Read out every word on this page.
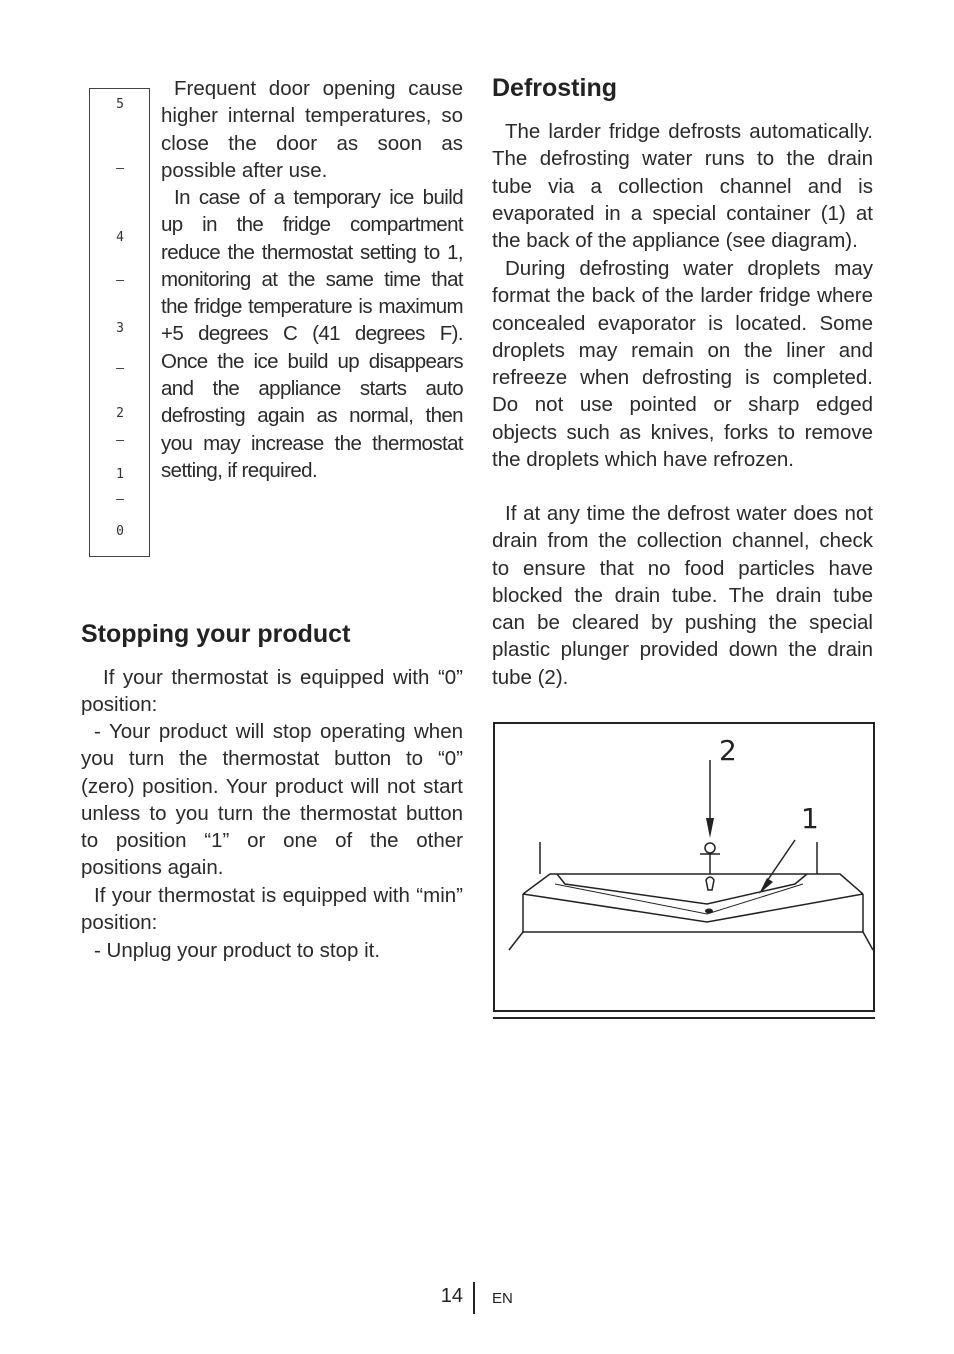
5
–
4
–
3
–
2
–
1
–
0

Frequent door opening cause higher internal temperatures, so close the door as soon as possible after use.

In case of a temporary ice build up in the fridge compartment reduce the thermostat setting to 1, monitoring at the same time that the fridge temperature is maximum +5 degrees C (41 degrees F). Once the ice build up disappears and the appliance starts auto defrosting again as normal, then you may increase the thermostat setting, if required.

Stopping your product

If your thermostat is equipped with “0” position:

- Your product will stop operating when you turn the thermostat button to “0” (zero) position. Your product will not start unless to you turn the thermostat button to position “1” or one of the other positions again.

If your thermostat is equipped with “min” position:

- Unplug your product to stop it.

Defrosting

The larder fridge defrosts automatically. The defrosting water runs to the drain tube via a collection channel and is evaporated in a special container (1) at the back of the appliance (see diagram).

During defrosting water droplets may format the back of the larder fridge where concealed evaporator is located. Some droplets may remain on the liner and refreeze when defrosting is completed. Do not use pointed or sharp edged objects such as knives, forks to remove the droplets which have refrozen.

If at any time the defrost water does not drain from the collection channel, check to ensure that no food particles have blocked the drain tube. The drain tube can be cleared by pushing the special plastic plunger provided down the drain tube (2).

2
1
14 EN
